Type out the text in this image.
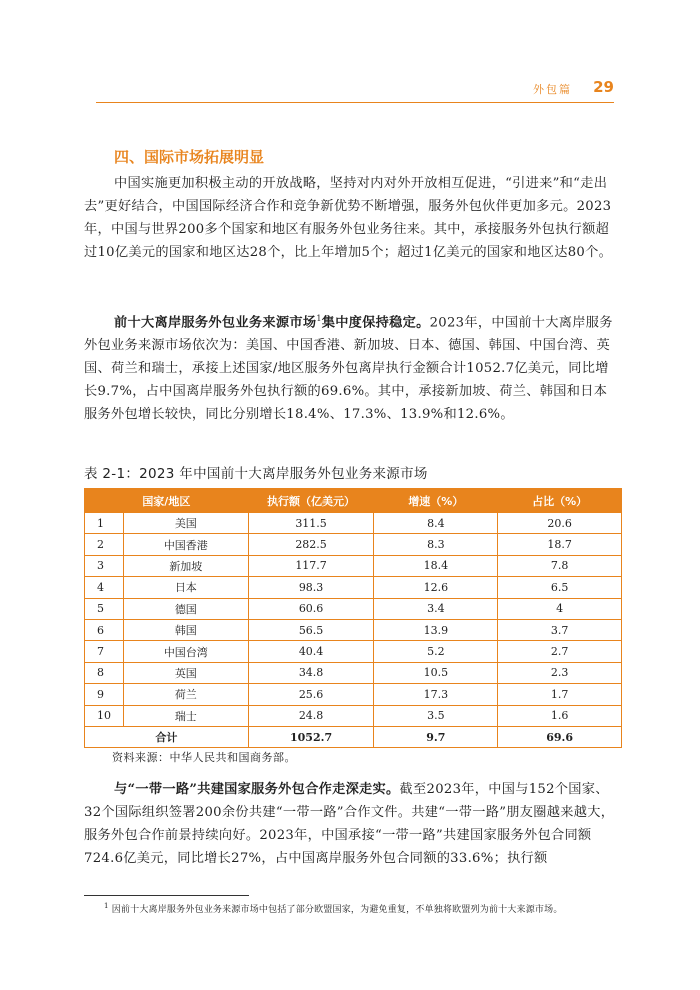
外包篇 29
四、国际市场拓展明显

中国实施更加积极主动的开放战略，坚持对内对外开放相互促进，“引进来”和“走出去”更好结合，中国国际经济合作和竞争新优势不断增强，服务外包伙伴更加多元。2023年，中国与世界200多个国家和地区有服务外包业务往来。其中，承接服务外包执行额超过10亿美元的国家和地区达28个，比上年增加5个；超过1亿美元的国家和地区达80个。

前十大离岸服务外包业务来源市场$^1$集中度保持稳定。2023年，中国前十大离岸服务外包业务来源市场依次为：美国、中国香港、新加坡、日本、德国、韩国、中国台湾、英国、荷兰和瑞士，承接上述国家/地区服务外包离岸执行金额合计1052.7亿美元，同比增长9.7%，占中国离岸服务外包执行额的69.6%。其中，承接新加坡、荷兰、韩国和日本服务外包增长较快，同比分别增长18.4%、17.3%、13.9%和12.6%。

表 2-1：2023 年中国前十大离岸服务外包业务来源市场
国家/地区		执行额（亿美元）	增速（%）	占比（%）
1	美国	311.5	8.4	20.6
2	中国香港	282.5	8.3	18.7
3	新加坡	117.7	18.4	7.8
4	日本	98.3	12.6	6.5
5	德国	60.6	3.4	4
6	韩国	56.5	13.9	3.7
7	中国台湾	40.4	5.2	2.7
8	英国	34.8	10.5	2.3
9	荷兰	25.6	17.3	1.7
10	瑞士	24.8	3.5	1.6
合计		1052.7	9.7	69.6
资料来源：中华人民共和国商务部。

与“一带一路”共建国家服务外包合作走深走实。截至2023年，中国与152个国家、32个国际组织签署200余份共建“一带一路”合作文件。共建“一带一路”朋友圈越来越大，服务外包合作前景持续向好。2023年，中国承接“一带一路”共建国家服务外包合同额724.6亿美元，同比增长27%，占中国离岸服务外包合同额的33.6%；执行额

$^1$ 因前十大离岸服务外包业务来源市场中包括了部分欧盟国家，为避免重复，不单独将欧盟列为前十大来源市场。
